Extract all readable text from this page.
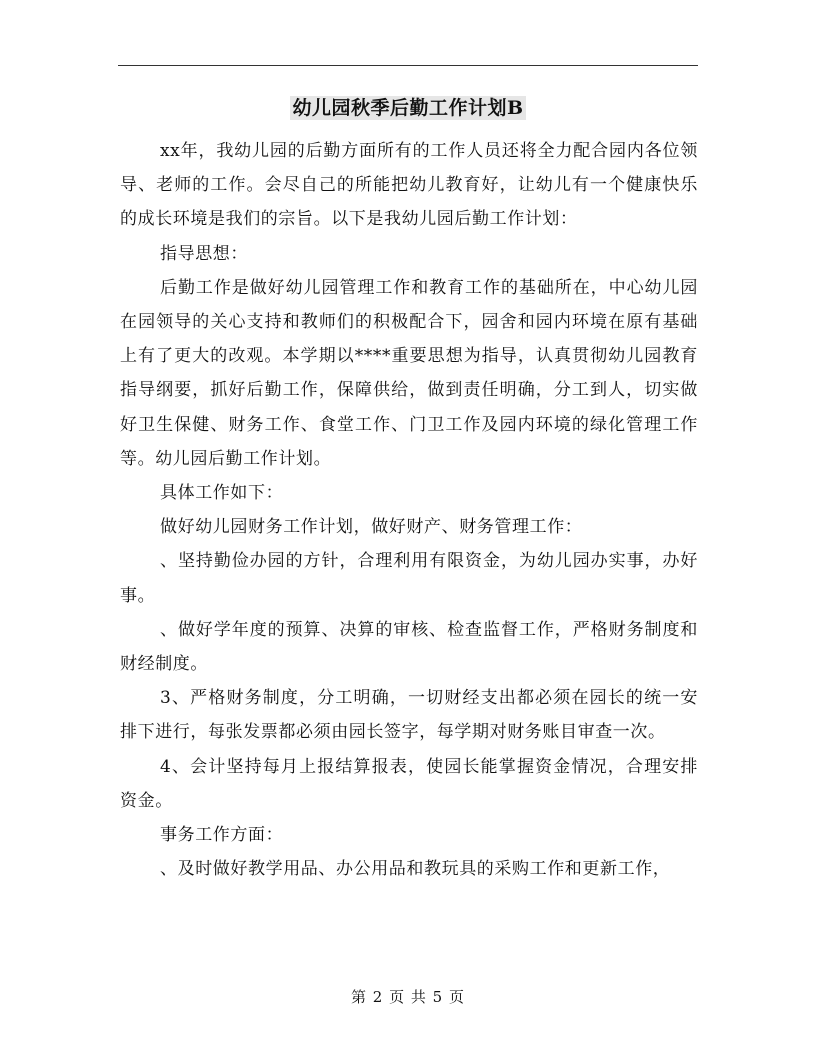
幼儿园秋季后勤工作计划B

xx年，我幼儿园的后勤方面所有的工作人员还将全力配合园内各位领导、老师的工作。会尽自己的所能把幼儿教育好，让幼儿有一个健康快乐的成长环境是我们的宗旨。以下是我幼儿园后勤工作计划：

指导思想：

后勤工作是做好幼儿园管理工作和教育工作的基础所在，中心幼儿园在园领导的关心支持和教师们的积极配合下，园舍和园内环境在原有基础上有了更大的改观。本学期以****重要思想为指导，认真贯彻幼儿园教育指导纲要，抓好后勤工作，保障供给，做到责任明确，分工到人，切实做好卫生保健、财务工作、食堂工作、门卫工作及园内环境的绿化管理工作等。幼儿园后勤工作计划。

具体工作如下：

做好幼儿园财务工作计划，做好财产、财务管理工作：

、坚持勤俭办园的方针，合理利用有限资金，为幼儿园办实事，办好事。

、做好学年度的预算、决算的审核、检查监督工作，严格财务制度和财经制度。

3、严格财务制度，分工明确，一切财经支出都必须在园长的统一安排下进行，每张发票都必须由园长签字，每学期对财务账目审查一次。

4、会计坚持每月上报结算报表，使园长能掌握资金情况，合理安排资金。

事务工作方面：

、及时做好教学用品、办公用品和教玩具的采购工作和更新工作，

第 2 页 共 5 页
